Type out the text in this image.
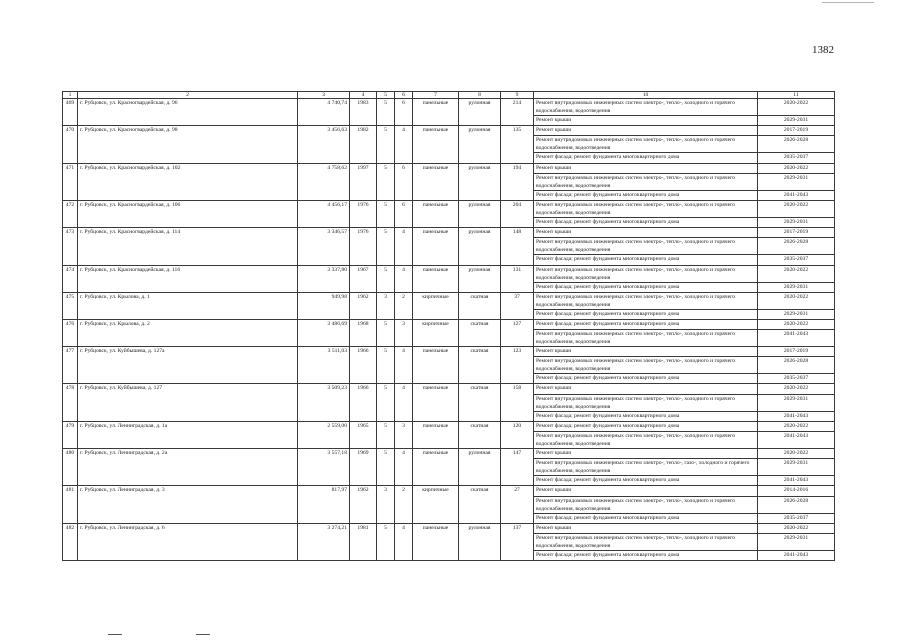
1382
1	2	3	4	5	6	7	8	9	10	11
469	г. Рубцовск, ул. Красногвардейская, д. 96	4 740,74	1983	5	6	панельные	рулонная	214	Ремонт внутридомовых инженерных систем электро-, тепло-, холодного и горячего водоснабжения, водоотведения	2020-2022

									Ремонт крыши	2029-2031
470	г. Рубцовск, ул. Красногвардейская, д. 98	3 456,63	1982	5	4	панельные	рулонная	135	Ремонт крыши	2017-2019
									Ремонт внутридомовых инженерных систем электро-, тепло-, холодного и горячего водоснабжения, водоотведения	2026-2028

									Ремонт фасада; ремонт фундамента многоквартирного дома	2035-2037
471	г. Рубцовск, ул. Красногвардейская, д. 102	4 758,62	1997	5	6	панельные	рулонная	194	Ремонт крыши	2020-2022
									Ремонт внутридомовых инженерных систем электро-, тепло-, холодного и горячего водоснабжения, водоотведения	2029-2031

									Ремонт фасада; ремонт фундамента многоквартирного дома	2041-2043
472	г. Рубцовск, ул. Красногвардейская, д. 106	4 456,17	1976	5	6	панельные	рулонная	204	Ремонт внутридомовых инженерных систем электро-, тепло-, холодного и горячего водоснабжения, водоотведения	2020-2022

									Ремонт фасада; ремонт фундамента многоквартирного дома	2029-2031
473	г. Рубцовск, ул. Красногвардейская, д. 114	3 346,57	1976	5	4	панельные	рулонная	148	Ремонт крыши	2017-2019
									Ремонт внутридомовых инженерных систем электро-, тепло-, холодного и горячего водоснабжения, водоотведения	2026-2028

									Ремонт фасада; ремонт фундамента многоквартирного дома	2035-2037
474	г. Рубцовск, ул. Красногвардейская, д. 116	3 337,80	1967	5	4	панельные	рулонная	131	Ремонт внутридомовых инженерных систем электро-, тепло-, холодного и горячего водоснабжения, водоотведения	2020-2022

									Ремонт фасада; ремонт фундамента многоквартирного дома	2029-2031
475	г. Рубцовск, ул. Крылова, д. 1	949,98	1962	3	2	кирпичные	скатная	37	Ремонт внутридомовых инженерных систем электро-, тепло-, холодного и горячего водоснабжения, водоотведения	2020-2022

									Ремонт фасада; ремонт фундамента многоквартирного дома	2029-2031
476	г. Рубцовск, ул. Крылова, д. 2	3 486,69	1968	5	3	кирпичные	скатная	127	Ремонт фасада; ремонт фундамента многоквартирного дома	2020-2022
									Ремонт внутридомовых инженерных систем электро-, тепло-, холодного и горячего водоснабжения, водоотведения	2041-2043

477	г. Рубцовск, ул. Куйбышева, д. 127а	3 511,03	1966	5	4	панельные	скатная	123	Ремонт крыши	2017-2019
									Ремонт внутридомовых инженерных систем электро-, тепло-, холодного и горячего водоснабжения, водоотведения	2026-2028

									Ремонт фасада; ремонт фундамента многоквартирного дома	2035-2037
478	г. Рубцовск, ул. Куйбышева, д. 127	3 509,23	1966	5	4	панельные	скатная	158	Ремонт крыши	2020-2022
									Ремонт внутридомовых инженерных систем электро-, тепло-, холодного и горячего водоснабжения, водоотведения	2029-2031

									Ремонт фасада; ремонт фундамента многоквартирного дома	2041-2043
479	г. Рубцовск, ул. Ленинградская, д. 1а	2 559,00	1965	5	3	панельные	скатная	120	Ремонт фасада; ремонт фундамента многоквартирного дома	2020-2022
									Ремонт внутридомовых инженерных систем электро-, тепло-, холодного и горячего водоснабжения, водоотведения	2041-2043

480	г. Рубцовск, ул. Ленинградская, д. 2а	3 557,18	1969	5	4	панельные	рулонная	147	Ремонт крыши	2020-2022
									Ремонт внутридомовых инженерных систем электро-, тепло-, газо-, холодного и горячего водоснабжения, водоотведения	2029-2031

									Ремонт фасада; ремонт фундамента многоквартирного дома	2041-2043
481	г. Рубцовск, ул. Ленинградская, д. 3	817,97	1962	3	2	кирпичные	скатная	27	Ремонт крыши	2014-2016
									Ремонт внутридомовых инженерных систем электро-, тепло-, холодного и горячего водоснабжения, водоотведения	2026-2028

									Ремонт фасада; ремонт фундамента многоквартирного дома	2035-2037
482	г. Рубцовск, ул. Ленинградская, д. 6	3 274,21	1981	5	4	панельные	рулонная	137	Ремонт крыши	2020-2022
									Ремонт внутридомовых инженерных систем электро-, тепло-, холодного и горячего водоснабжения, водоотведения	2029-2031

									Ремонт фасада; ремонт фундамента многоквартирного дома	2041-2043
